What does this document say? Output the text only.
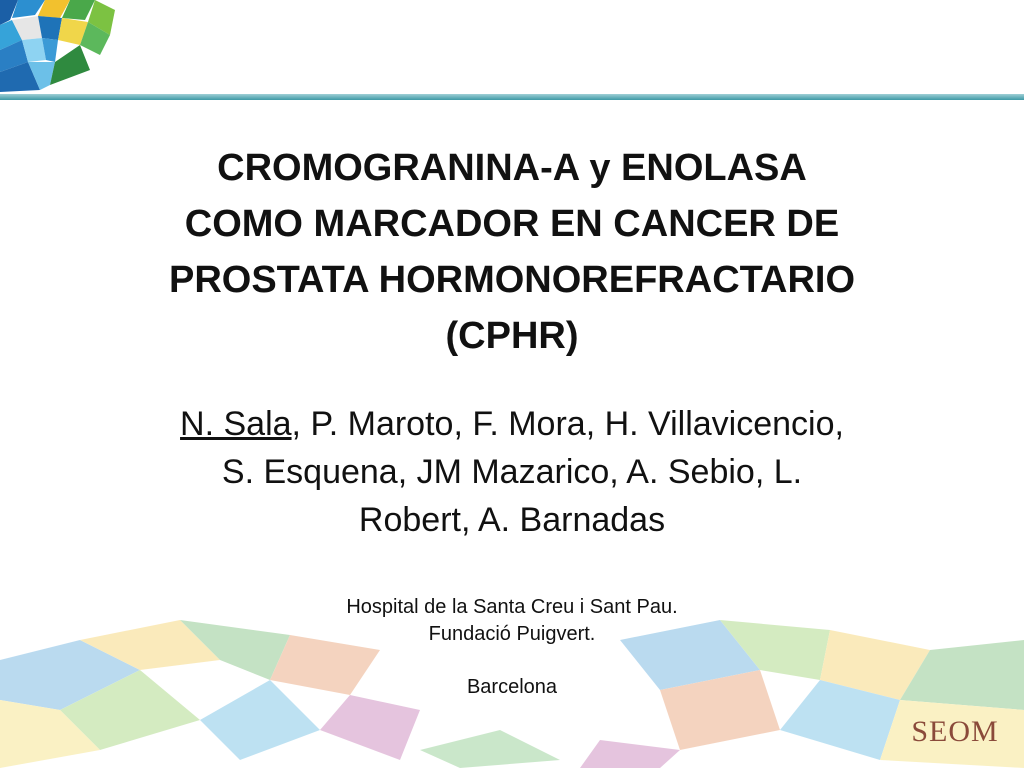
CROMOGRANINA-A y ENOLASA
COMO MARCADOR EN CANCER DE
PROSTATA HORMONOREFRACTARIO
(CPHR)
N. Sala, P. Maroto, F. Mora, H. Villavicencio,
S. Esquena, JM Mazarico, A. Sebio, L.
Robert, A. Barnadas
Hospital de la Santa Creu i Sant Pau.
Fundació Puigvert.
Barcelona
SEOM
